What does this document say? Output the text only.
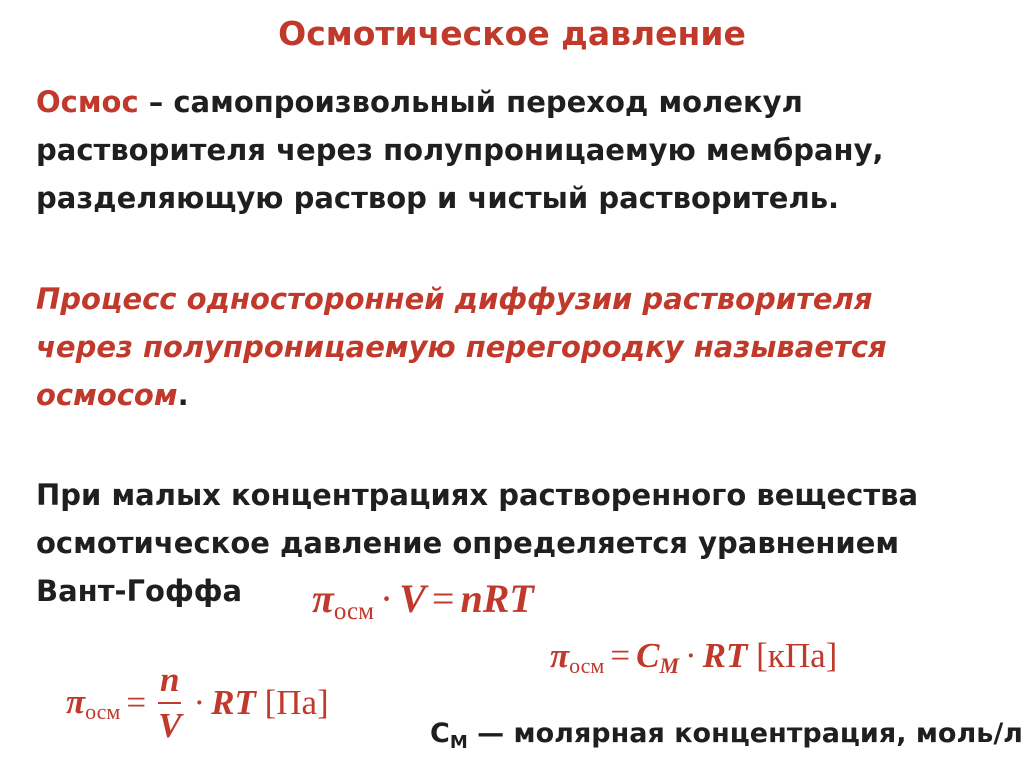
Осмотическое давление
Осмос – самопроизвольный переход молекул
растворителя через полупроницаемую мембрану,
разделяющую раствор и чистый растворитель.
Процесс односторонней диффузии растворителя
через полупроницаемую перегородку называется
осмосом.
При малых концентрациях растворенного вещества
осмотическое давление определяется уравнением
Вант-Гоффа	$\pi_{осм} \cdot V$ = nRT
$\pi_{осм} = C_M$ · RT [кПа]
$\pi_{осм} = \frac{n}{V}$ · RT [Па]
$C_M$ — молярная концентрация, моль/л
